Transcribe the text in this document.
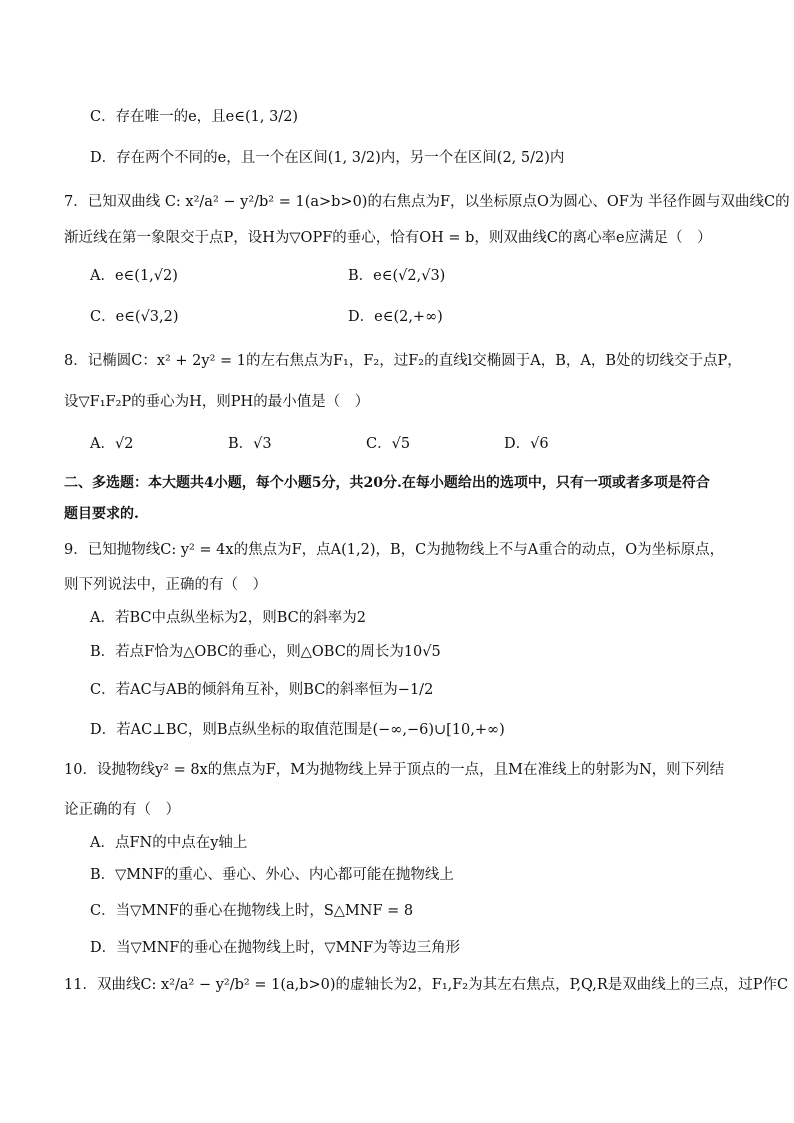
C．存在唯一的e，且e∈(1, 3/2)
D．存在两个不同的e，且一个在区间(1, 3/2)内，另一个在区间(2, 5/2)内
7．已知双曲线 C: x²/a² − y²/b² = 1(a>b>0)的右焦点为F，以坐标原点O为圆心、OF为 半径作圆与双曲线C的
渐近线在第一象限交于点P，设H为▽OPF的垂心，恰有OH = b，则双曲线C的离心率e应满足（　）
A．e∈(1,√2)	B．e∈(√2,√3)
C．e∈(√3,2)	D．e∈(2,+∞)
8．记椭圆C：x² + 2y² = 1的左右焦点为F₁，F₂，过F₂的直线l交椭圆于A，B，A，B处的切线交于点P，
设▽F₁F₂P的垂心为H，则PH的最小值是（　）
A．√2	B．√3	C．√5	D．√6
二、多选题：本大题共4小题，每个小题5分，共20分.在每小题给出的选项中，只有一项或者多项是符合
题目要求的.
9．已知抛物线C: y² = 4x的焦点为F，点A(1,2)，B，C为抛物线上不与A重合的动点，O为坐标原点，
则下列说法中，正确的有（　）
A．若BC中点纵坐标为2，则BC的斜率为2
B．若点F恰为△OBC的垂心，则△OBC的周长为10√5
C．若AC与AB的倾斜角互补，则BC的斜率恒为−1/2
D．若AC⊥BC，则B点纵坐标的取值范围是(−∞,−6)∪[10,+∞)
10．设抛物线y² = 8x的焦点为F，M为抛物线上异于顶点的一点，且M在准线上的射影为N，则下列结
论正确的有（　）
A．点FN的中点在y轴上
B．▽MNF的重心、垂心、外心、内心都可能在抛物线上
C．当▽MNF的垂心在抛物线上时，S△MNF = 8
D．当▽MNF的垂心在抛物线上时，▽MNF为等边三角形
11．双曲线C: x²/a² − y²/b² = 1(a,b>0)的虚轴长为2，F₁,F₂为其左右焦点，P,Q,R是双曲线上的三点，过P作C
